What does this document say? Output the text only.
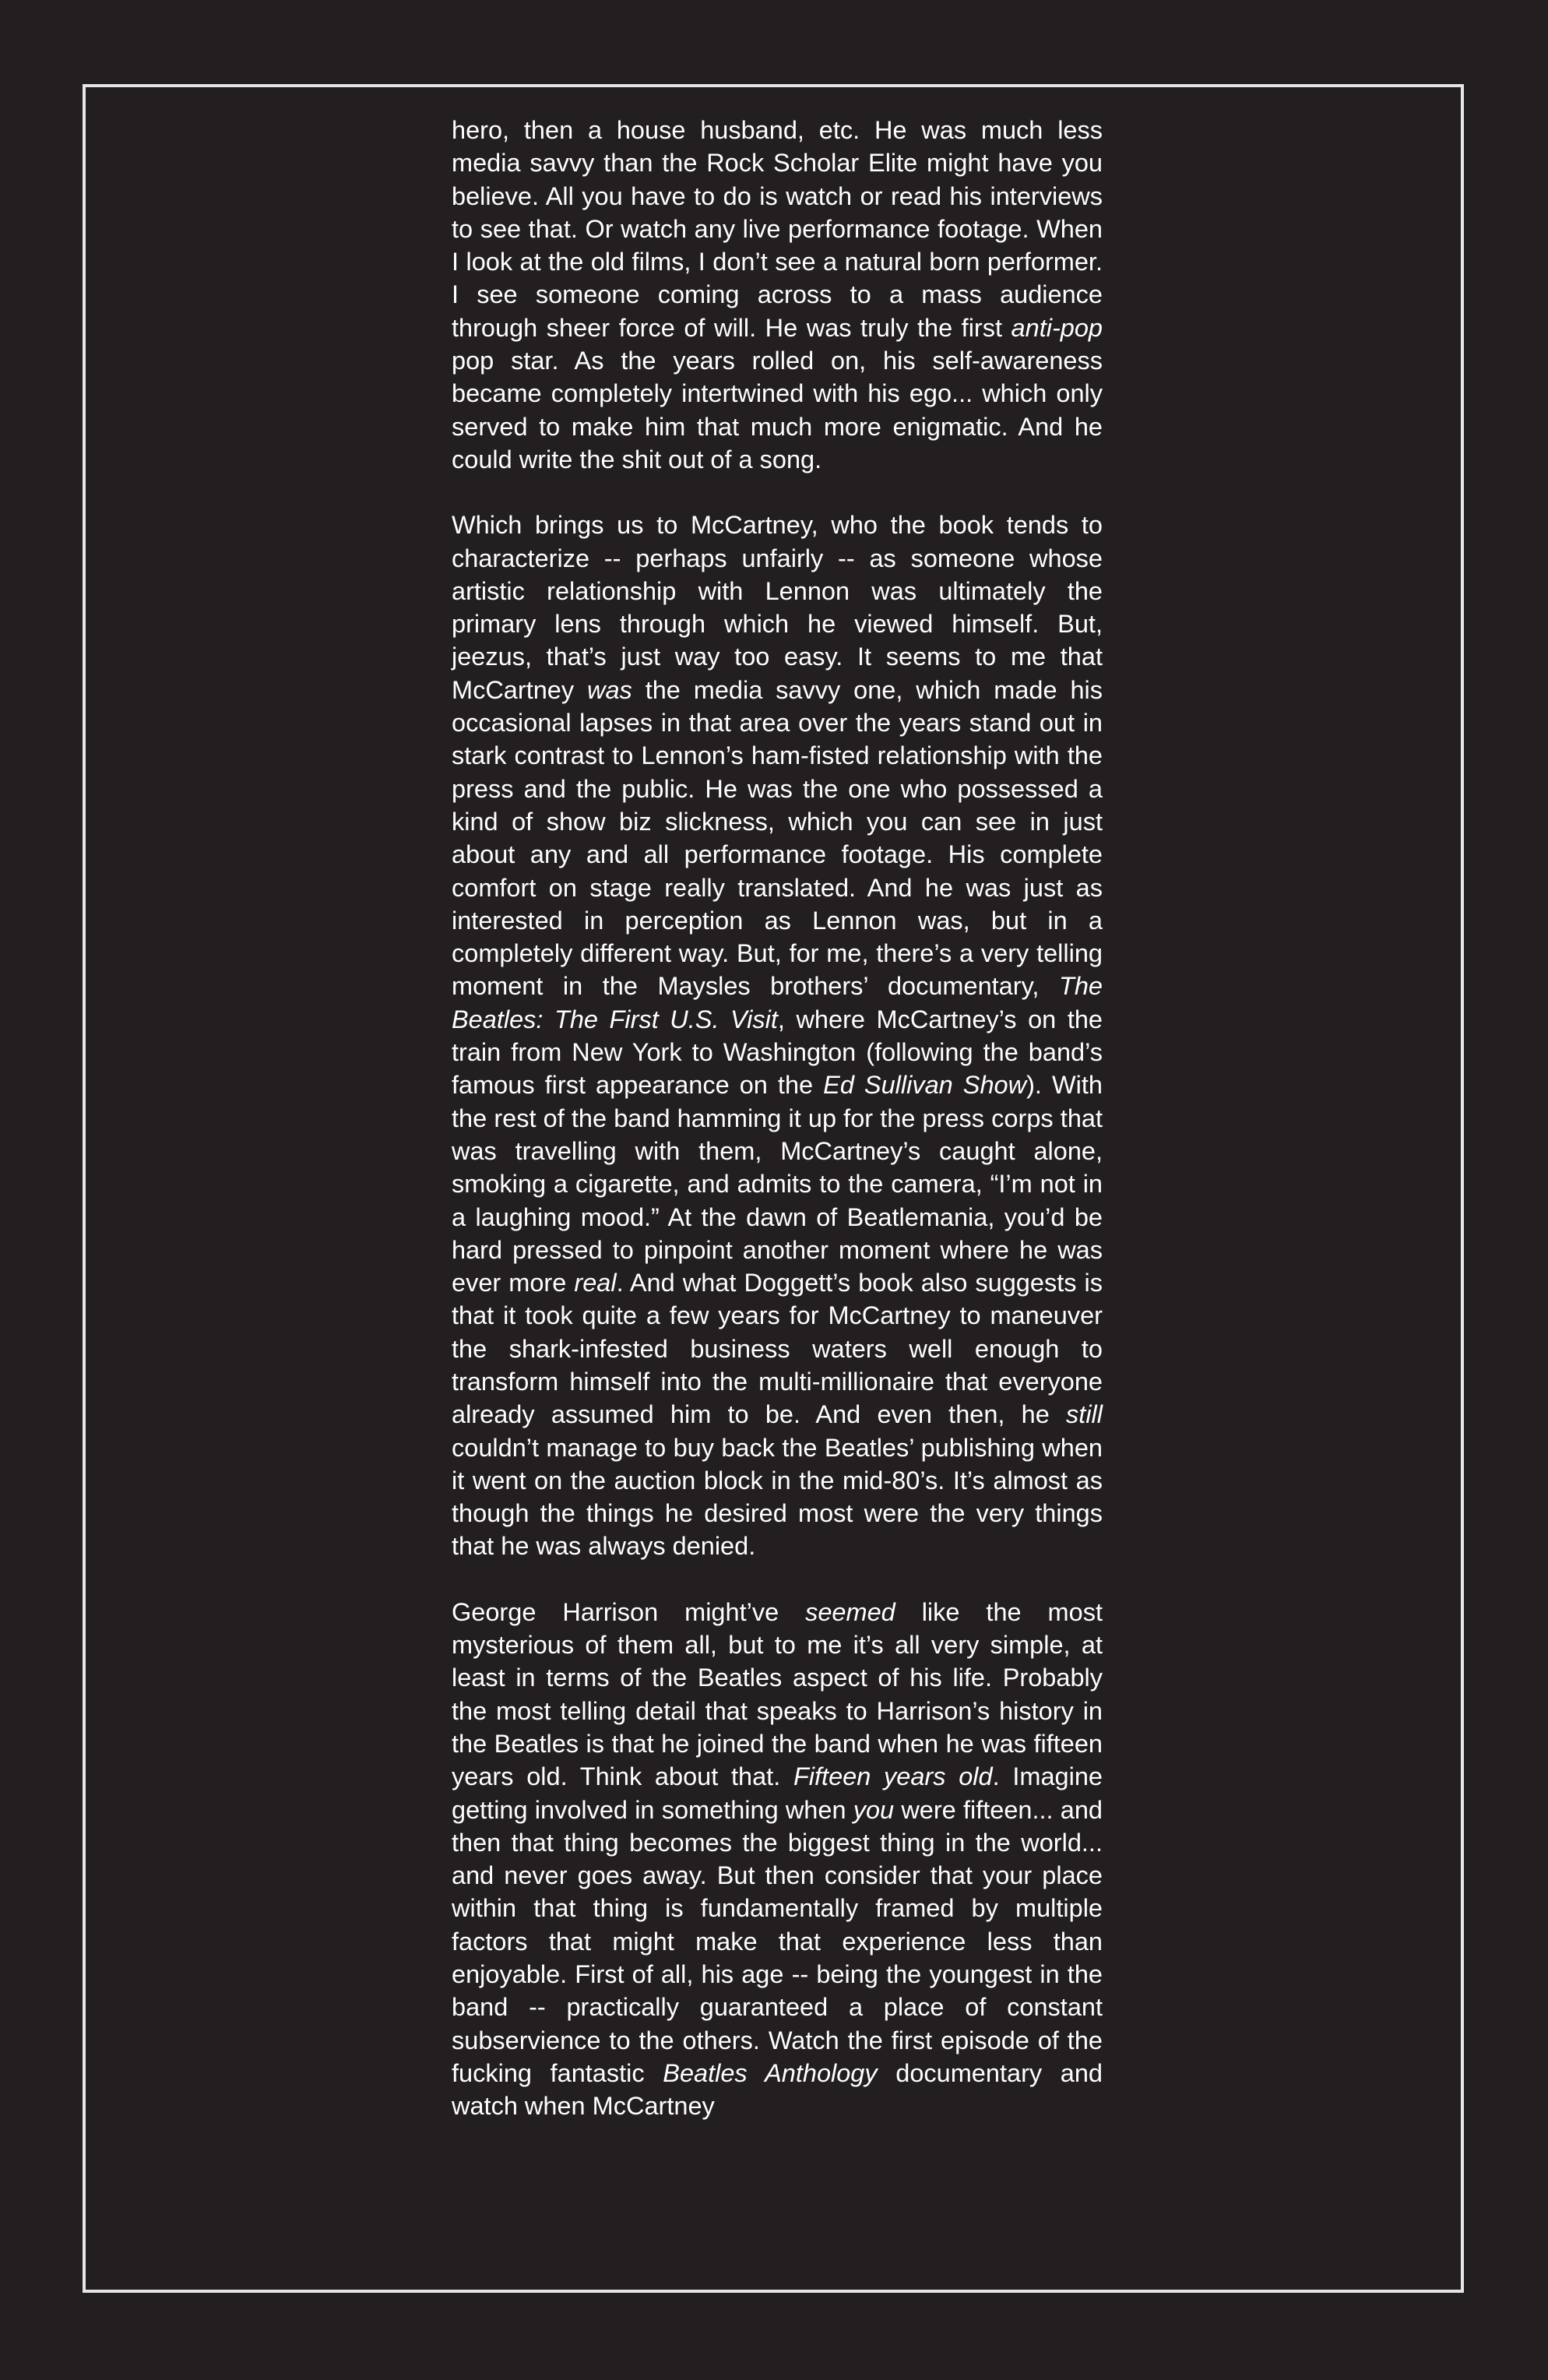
hero, then a house husband, etc. He was much less media savvy than the Rock Scholar Elite might have you believe. All you have to do is watch or read his interviews to see that. Or watch any live performance footage. When I look at the old films, I don’t see a natural born performer. I see someone coming across to a mass audience through sheer force of will. He was truly the first anti-pop pop star. As the years rolled on, his self-awareness became completely intertwined with his ego... which only served to make him that much more enigmatic. And he could write the shit out of a song.

Which brings us to McCartney, who the book tends to characterize -- perhaps unfairly -- as someone whose artistic relationship with Lennon was ultimately the primary lens through which he viewed himself. But, jeezus, that’s just way too easy. It seems to me that McCartney was the media savvy one, which made his occasional lapses in that area over the years stand out in stark contrast to Lennon’s ham-fisted relationship with the press and the public. He was the one who possessed a kind of show biz slickness, which you can see in just about any and all performance footage. His complete comfort on stage really translated. And he was just as interested in perception as Lennon was, but in a completely different way. But, for me, there’s a very telling moment in the Maysles brothers’ documentary, The Beatles: The First U.S. Visit, where McCartney’s on the train from New York to Washington (following the band’s famous first appearance on the Ed Sullivan Show). With the rest of the band hamming it up for the press corps that was travelling with them, McCartney’s caught alone, smoking a cigarette, and admits to the camera, “I’m not in a laughing mood.” At the dawn of Beatlemania, you’d be hard pressed to pinpoint another moment where he was ever more real. And what Doggett’s book also suggests is that it took quite a few years for McCartney to maneuver the shark-infested business waters well enough to transform himself into the multi-millionaire that everyone already assumed him to be. And even then, he still couldn’t manage to buy back the Beatles’ publishing when it went on the auction block in the mid-80’s. It’s almost as though the things he desired most were the very things that he was always denied.

George Harrison might’ve seemed like the most mysterious of them all, but to me it’s all very simple, at least in terms of the Beatles aspect of his life. Probably the most telling detail that speaks to Harrison’s history in the Beatles is that he joined the band when he was fifteen years old. Think about that. Fifteen years old. Imagine getting involved in something when you were fifteen... and then that thing becomes the biggest thing in the world... and never goes away. But then consider that your place within that thing is fundamentally framed by multiple factors that might make that experience less than enjoyable. First of all, his age -- being the youngest in the band -- practically guaranteed a place of constant subservience to the others. Watch the first episode of the fucking fantastic Beatles Anthology documentary and watch when McCartney
